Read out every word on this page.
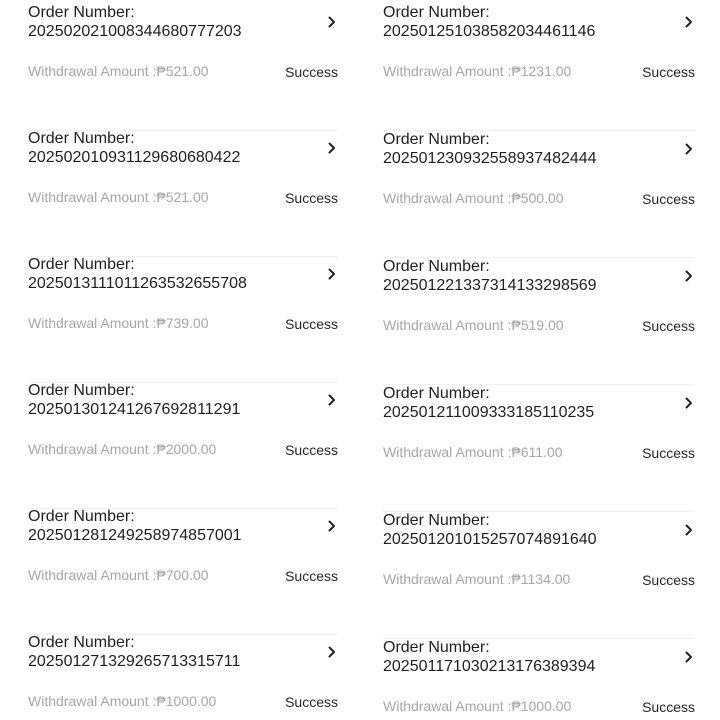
Order Number:
202502021008344680777203
Withdrawal Amount :₱521.00	Success
Order Number:
202502010931129680680422
Withdrawal Amount :₱521.00	Success
Order Number:
2025013111011263532655708
Withdrawal Amount :₱739.00	Success
Order Number:
202501301241267692811291
Withdrawal Amount :₱2000.00	Success
Order Number:
202501281249258974857001
Withdrawal Amount :₱700.00	Success
Order Number:
202501271329265713315711
Withdrawal Amount :₱1000.00	Success
Order Number:
202501251038582034461146
Withdrawal Amount :₱1231.00	Success
Order Number:
202501230932558937482444
Withdrawal Amount :₱500.00	Success
Order Number:
202501221337314133298569
Withdrawal Amount :₱519.00	Success
Order Number:
202501211009333185110235
Withdrawal Amount :₱611.00	Success
Order Number:
202501201015257074891640
Withdrawal Amount :₱1134.00	Success
Order Number:
202501171030213176389394
Withdrawal Amount :₱1000.00	Success
